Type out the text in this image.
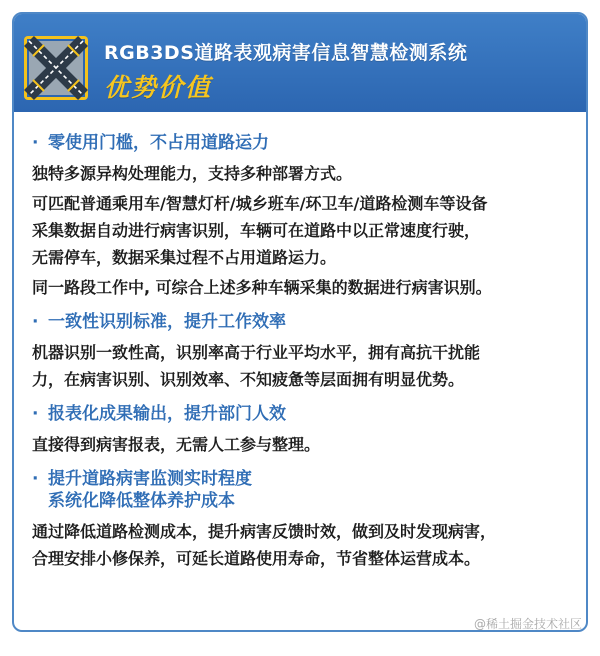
RGB3DS道路表观病害信息智慧检测系统
优势价值
· 零使用门槛，不占用道路运力
独特多源异构处理能力，支持多种部署方式。
可匹配普通乘用车/智慧灯杆/城乡班车/环卫车/道路检测车等设备
采集数据自动进行病害识别，车辆可在道路中以正常速度行驶，
无需停车，数据采集过程不占用道路运力。
同一路段工作中, 可综合上述多种车辆采集的数据进行病害识别。
· 一致性识别标准，提升工作效率
机器识别一致性高，识别率高于行业平均水平，拥有高抗干扰能
力，在病害识别、识别效率、不知疲惫等层面拥有明显优势。
· 报表化成果输出，提升部门人效
直接得到病害报表，无需人工参与整理。
· 提升道路病害监测实时程度
系统化降低整体养护成本
通过降低道路检测成本，提升病害反馈时效，做到及时发现病害，
合理安排小修保养，可延长道路使用寿命，节省整体运营成本。
@稀土掘金技术社区
